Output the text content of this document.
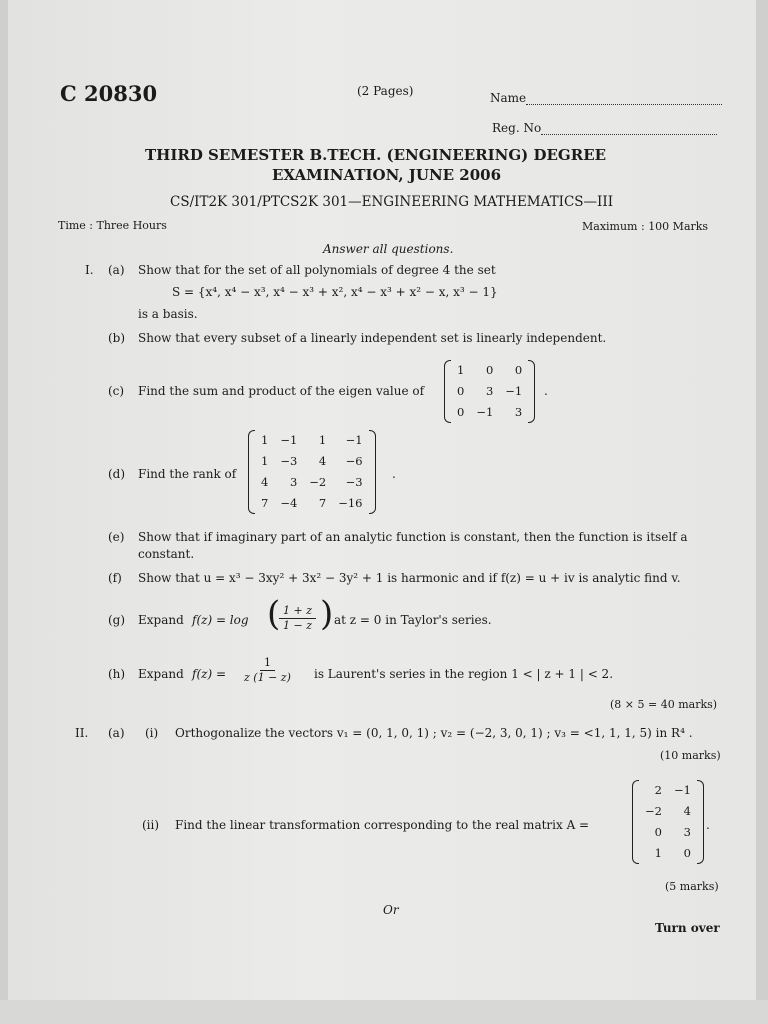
C 20830	(2 Pages)	Name
Reg. No
THIRD SEMESTER B.TECH. (ENGINEERING) DEGREE
EXAMINATION, JUNE 2006
CS/IT2K 301/PTCS2K 301—ENGINEERING MATHEMATICS—III
Time : Three Hours	Maximum : 100 Marks
Answer all questions.
I. (a) Show that for the set of all polynomials of degree 4 the set
S = {x⁴, x⁴ − x³, x⁴ − x³ + x², x⁴ − x³ + x² − x, x³ − 1}
is a basis.
(b) Show that every subset of a linearly independent set is linearly independent.
(c) Find the sum and product of the eigen value of
1	0	0
0	3	−1
0	−1	3
.
(d) Find the rank of
1	−1	1	−1
1	−3	4	−6
4	3	−2	−3
7	−4	7	−16
.
(e) Show that if imaginary part of an analytic function is constant, then the function is itself a
constant.
(f) Show that u = x³ − 3xy² + 3x² − 3y² + 1 is harmonic and if f(z) = u + iv is analytic find v.
(g) Expand f(z) = log (
$\frac{1 + z}{1 - z}$ ) at z = 0 in Taylor's series.
(h) Expand $f(z) = \frac{1}{z (1 - z)}$ is Laurent's series in the region 1 < | z + 1 | < 2.
(8 × 5 = 40 marks)
II. (a) (i) Orthogonalize the vectors v₁ = (0, 1, 0, 1) ; v₂ = (−2, 3, 0, 1) ; v₃ = <1, 1, 1, 5) in R⁴ .
(10 marks)
(ii) Find the linear transformation corresponding to the real matrix A =
2	−1
−2	4
0	3
1	0
.
(5 marks)
Or
Turn over
